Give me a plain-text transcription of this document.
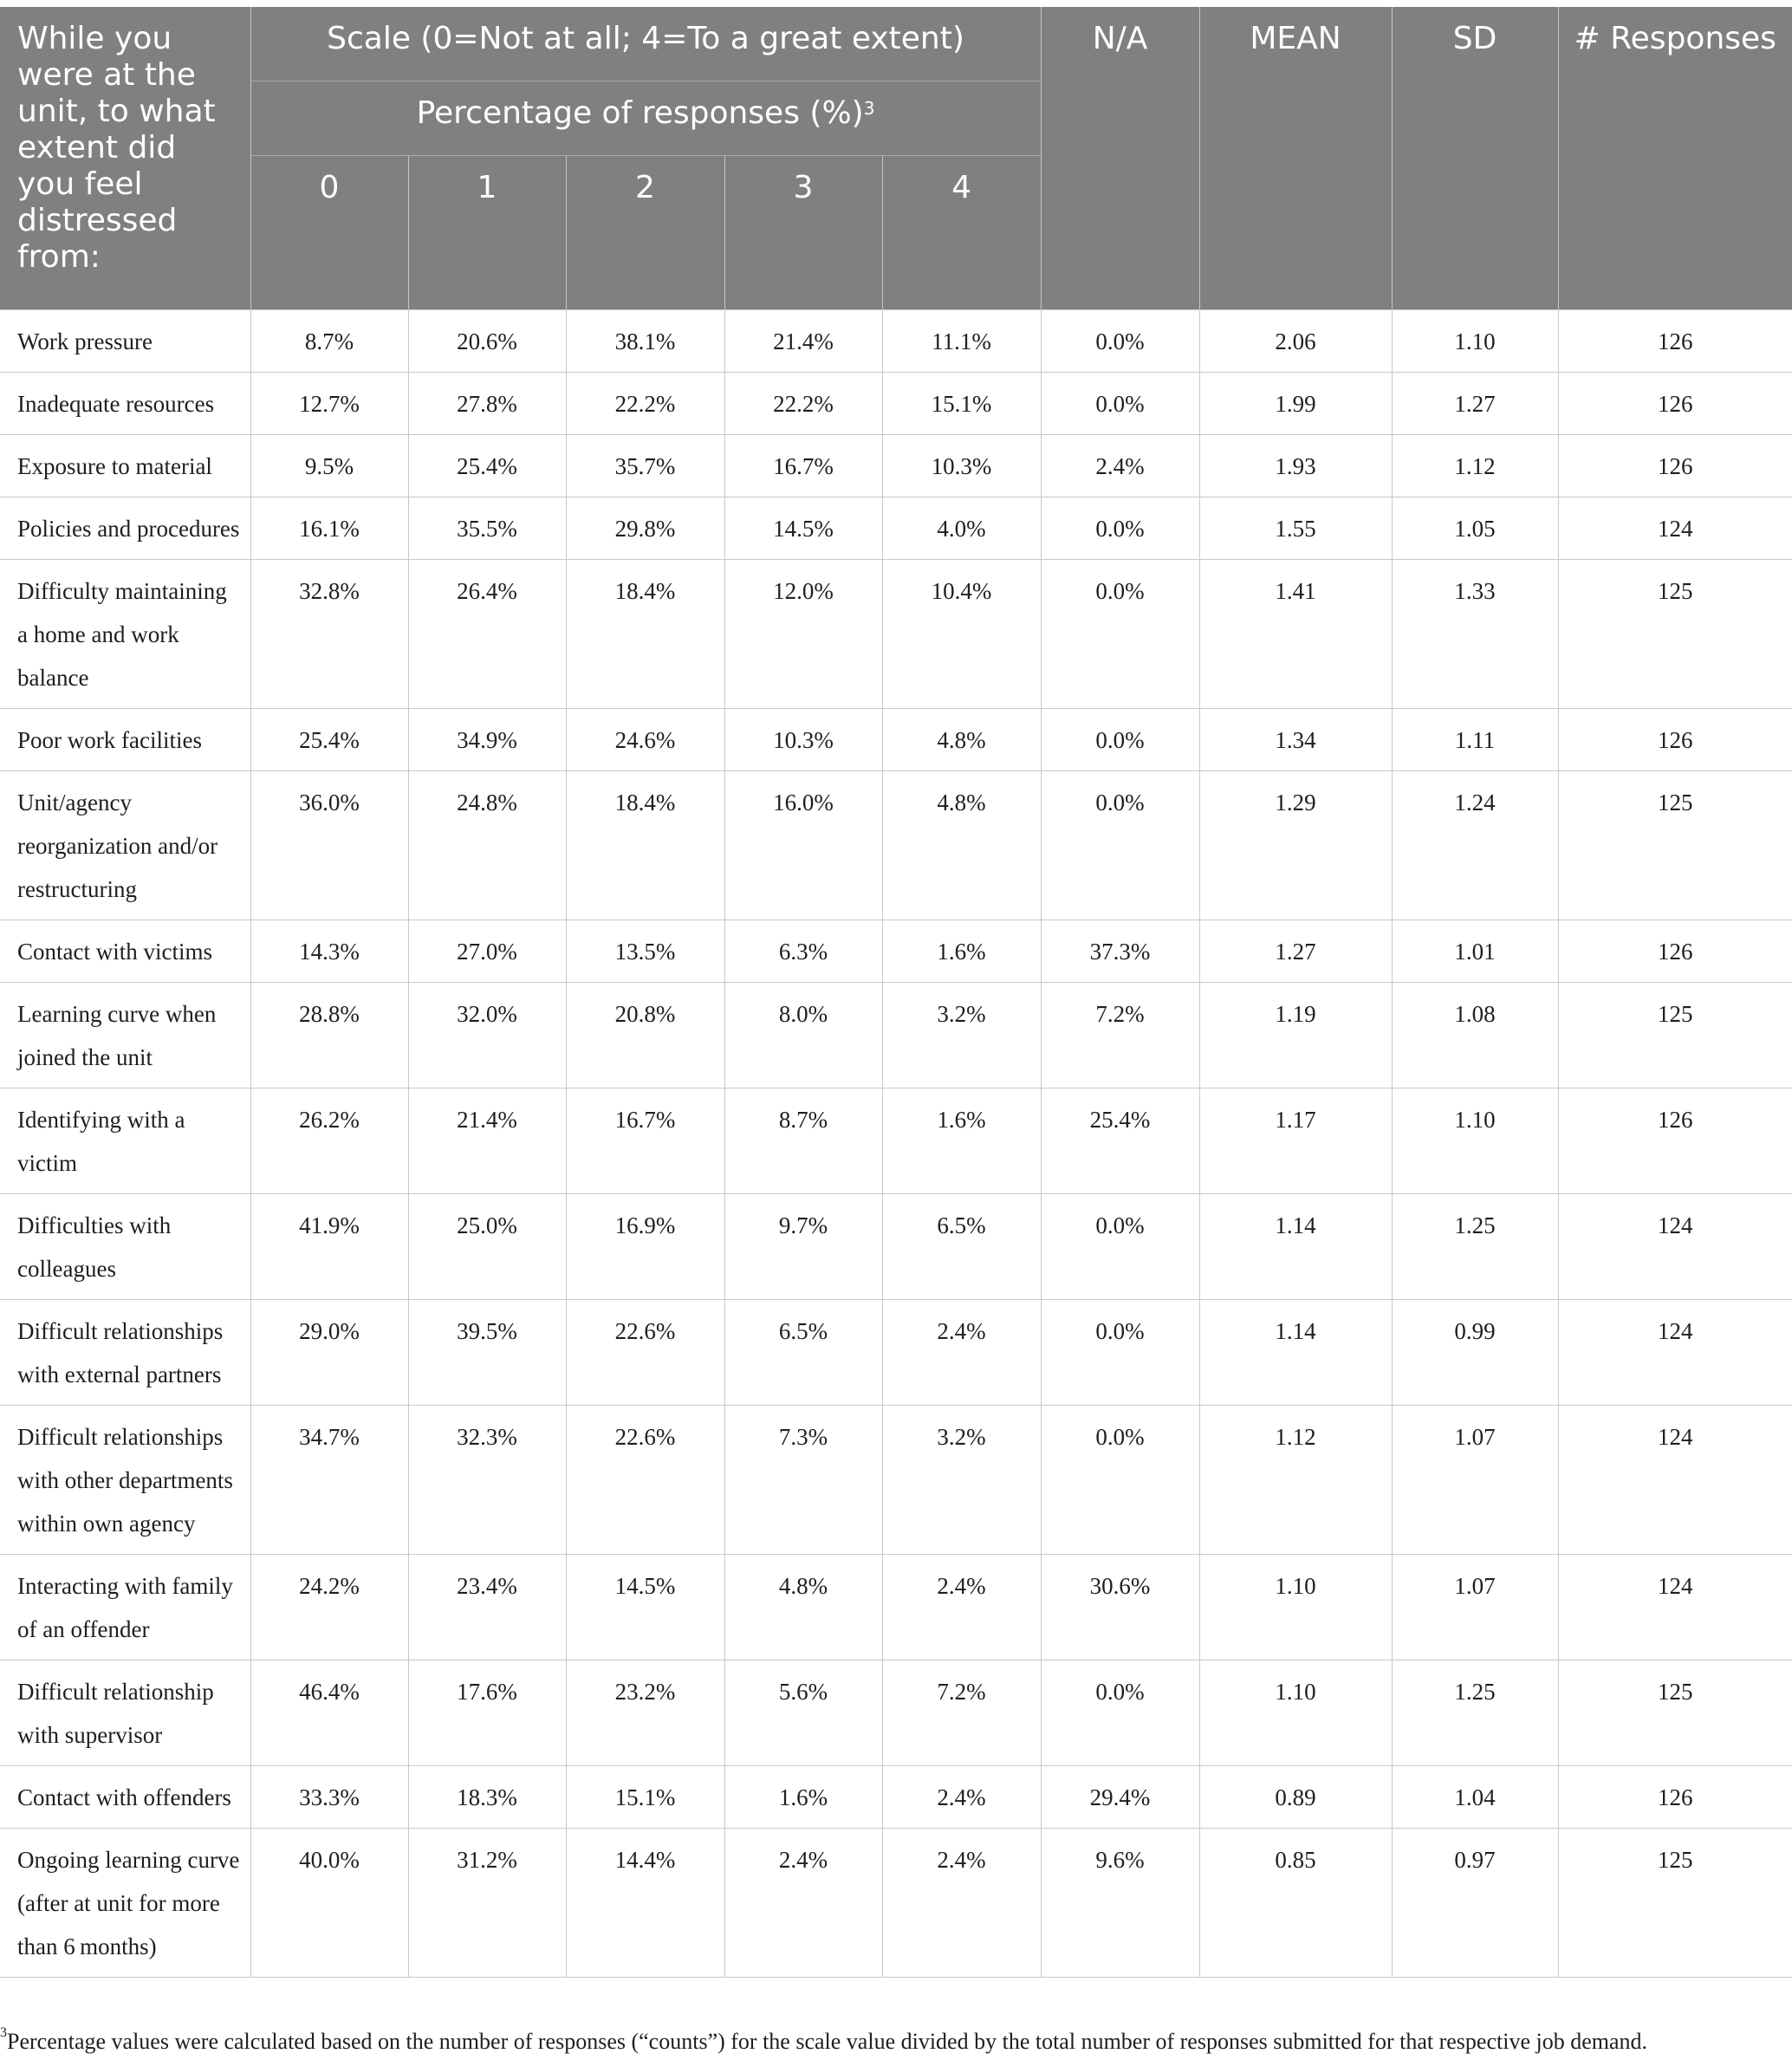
While you were at the unit, to what extent did you feel distressed from:	Scale (0=Not at all; 4=To a great extent)					N/A	MEAN	SD	# Responses
	Percentage of responses (%)$^3$
	0	1	2	3	4				

Work pressure	8.7%	20.6%	38.1%	21.4%	11.1%	0.0%	2.06	1.10	126

Inadequate resources	12.7%	27.8%	22.2%	22.2%	15.1%	0.0%	1.99	1.27	126

Exposure to material	9.5%	25.4%	35.7%	16.7%	10.3%	2.4%	1.93	1.12	126

Policies and procedures	16.1%	35.5%	29.8%	14.5%	4.0%	0.0%	1.55	1.05	124

Difficulty maintaining a home and work balance	32.8%	26.4%	18.4%	12.0%	10.4%	0.0%	1.41	1.33	125

Poor work facilities	25.4%	34.9%	24.6%	10.3%	4.8%	0.0%	1.34	1.11	126

Unit/agency reorganization and/or restructuring	36.0%	24.8%	18.4%	16.0%	4.8%	0.0%	1.29	1.24	125

Contact with victims	14.3%	27.0%	13.5%	6.3%	1.6%	37.3%	1.27	1.01	126

Learning curve when joined the unit	28.8%	32.0%	20.8%	8.0%	3.2%	7.2%	1.19	1.08	125

Identifying with a victim	26.2%	21.4%	16.7%	8.7%	1.6%	25.4%	1.17	1.10	126

Difficulties with colleagues	41.9%	25.0%	16.9%	9.7%	6.5%	0.0%	1.14	1.25	124

Difficult relationships with external partners	29.0%	39.5%	22.6%	6.5%	2.4%	0.0%	1.14	0.99	124

Difficult relationships with other departments within own agency	34.7%	32.3%	22.6%	7.3%	3.2%	0.0%	1.12	1.07	124

Interacting with family of an offender	24.2%	23.4%	14.5%	4.8%	2.4%	30.6%	1.10	1.07	124

Difficult relationship with supervisor	46.4%	17.6%	23.2%	5.6%	7.2%	0.0%	1.10	1.25	125

Contact with offenders	33.3%	18.3%	15.1%	1.6%	2.4%	29.4%	0.89	1.04	126

Ongoing learning curve (after at unit for more than 6 months)	40.0%	31.2%	14.4%	2.4%	2.4%	9.6%	0.85	0.97	125
$^3$Percentage values were calculated based on the number of responses (“counts”) for the scale value divided by the total number of responses submitted for that respective job demand.
